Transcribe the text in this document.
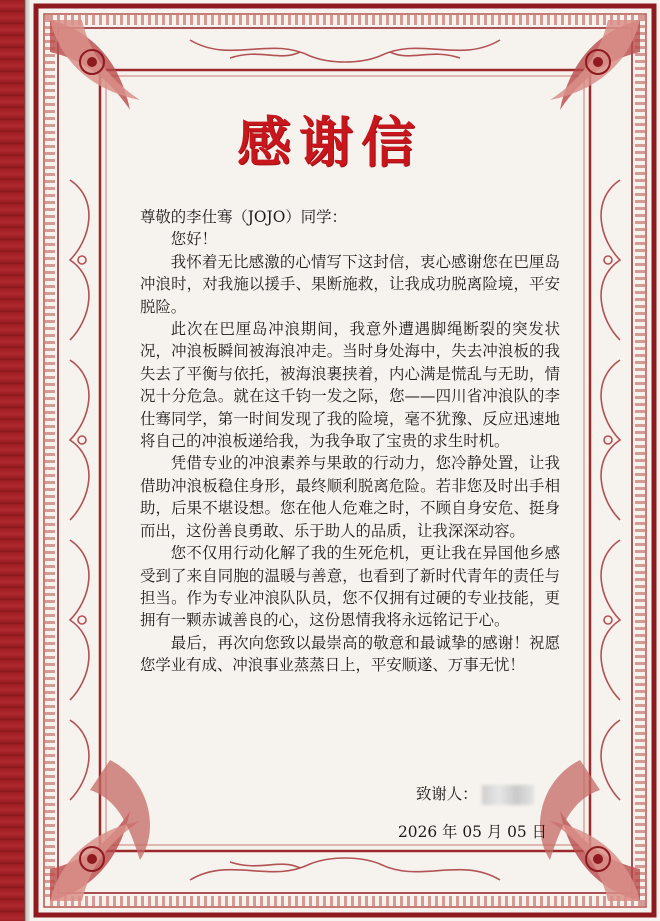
感谢信

尊敬的李仕骞（JOJO）同学：

您好！

我怀着无比感激的心情写下这封信，衷心感谢您在巴厘岛冲浪时，对我施以援手、果断施救，让我成功脱离险境，平安脱险。

此次在巴厘岛冲浪期间，我意外遭遇脚绳断裂的突发状况，冲浪板瞬间被海浪冲走。当时身处海中，失去冲浪板的我失去了平衡与依托，被海浪裹挟着，内心满是慌乱与无助，情况十分危急。就在这千钧一发之际，您——四川省冲浪队的李仕骞同学，第一时间发现了我的险境，毫不犹豫、反应迅速地将自己的冲浪板递给我，为我争取了宝贵的求生时机。

凭借专业的冲浪素养与果敢的行动力，您冷静处置，让我借助冲浪板稳住身形，最终顺利脱离危险。若非您及时出手相助，后果不堪设想。您在他人危难之时，不顾自身安危、挺身而出，这份善良勇敢、乐于助人的品质，让我深深动容。

您不仅用行动化解了我的生死危机，更让我在异国他乡感受到了来自同胞的温暖与善意，也看到了新时代青年的责任与担当。作为专业冲浪队队员，您不仅拥有过硬的专业技能，更拥有一颗赤诚善良的心，这份恩情我将永远铭记于心。

最后，再次向您致以最崇高的敬意和最诚挚的感谢！祝愿您学业有成、冲浪事业蒸蒸日上，平安顺遂、万事无忧！

致谢人：
2026 年 05 月 05 日
